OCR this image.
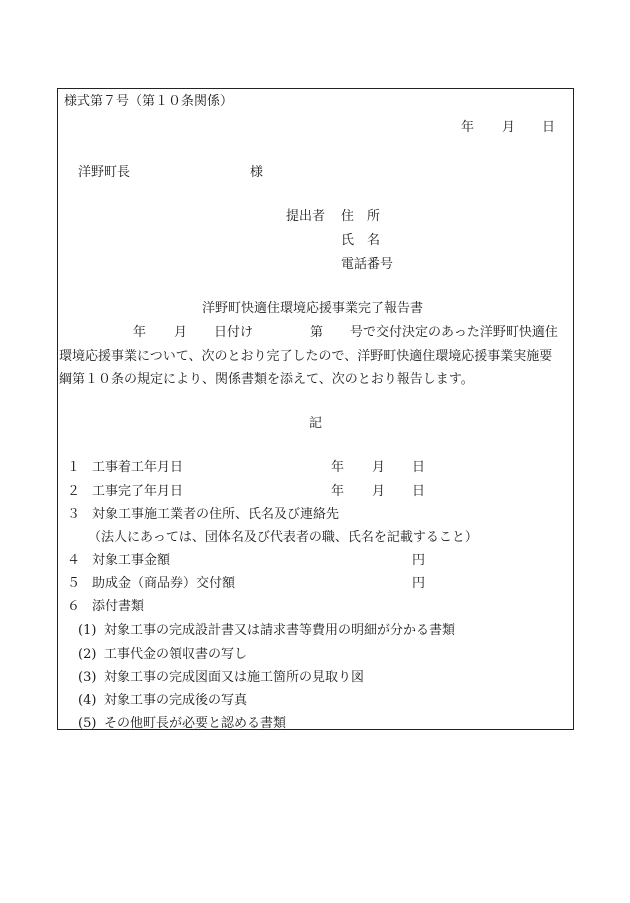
様式第７号（第１０条関係）
年 月 日
洋野町長	様
提出者 住　所
氏　名
電話番号
洋野町快適住環境応援事業完了報告書
年 月 日付け	第 号で交付決定のあった洋野町快適住
環境応援事業について、次のとおり完了したので、洋野町快適住環境応援事業実施要
綱第１０条の規定により、関係書類を添えて、次のとおり報告します。
記
１ 工事着工年月日	年 月 日
２ 工事完了年月日	年 月 日
３ 対象工事施工業者の住所、氏名及び連絡先
（法人にあっては、団体名及び代表者の職、氏名を記載すること）
４ 対象工事金額	円
５ 助成金（商品券）交付額	円
６ 添付書類
(1) 対象工事の完成設計書又は請求書等費用の明細が分かる書類
(2) 工事代金の領収書の写し
(3) 対象工事の完成図面又は施工箇所の見取り図
(4) 対象工事の完成後の写真
(5) その他町長が必要と認める書類
